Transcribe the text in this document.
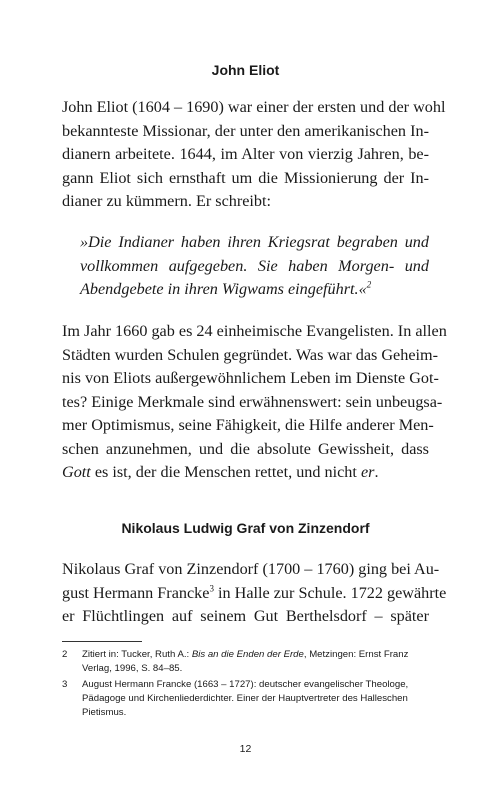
John Eliot
John Eliot (1604 – 1690) war einer der ersten und der wohl
bekannteste Missionar, der unter den amerikanischen In-
dianern arbeitete. 1644, im Alter von vierzig Jahren, be-
gann Eliot sich ernsthaft um die Missionierung der In-
dianer zu kümmern. Er schreibt:
»Die Indianer haben ihren Kriegsrat begraben und
vollkommen aufgegeben. Sie haben Morgen- und
Abendgebete in ihren Wigwams eingeführt.«$^2$
Im Jahr 1660 gab es 24 einheimische Evangelisten. In allen
Städten wurden Schulen gegründet. Was war das Geheim-
nis von Eliots außergewöhnlichem Leben im Dienste Got-
tes? Einige Merkmale sind erwähnenswert: sein unbeugsa-
mer Optimismus, seine Fähigkeit, die Hilfe anderer Men-
schen anzunehmen, und die absolute Gewissheit, dass
Gott es ist, der die Menschen rettet, und nicht er.
Nikolaus Ludwig Graf von Zinzendorf
Nikolaus Graf von Zinzendorf (1700 – 1760) ging bei Au-
gust Hermann Francke$^3$ in Halle zur Schule. 1722 gewährte
er Flüchtlingen auf seinem Gut Berthelsdorf – später
2 Zitiert in: Tucker, Ruth A.: Bis an die Enden der Erde, Metzingen: Ernst Franz Verlag, 1996, S. 84–85.
3 August Hermann Francke (1663 – 1727): deutscher evangelischer Theologe, Pädagoge und Kirchenliederdichter. Einer der Hauptvertreter des Halleschen Pietismus.
12
